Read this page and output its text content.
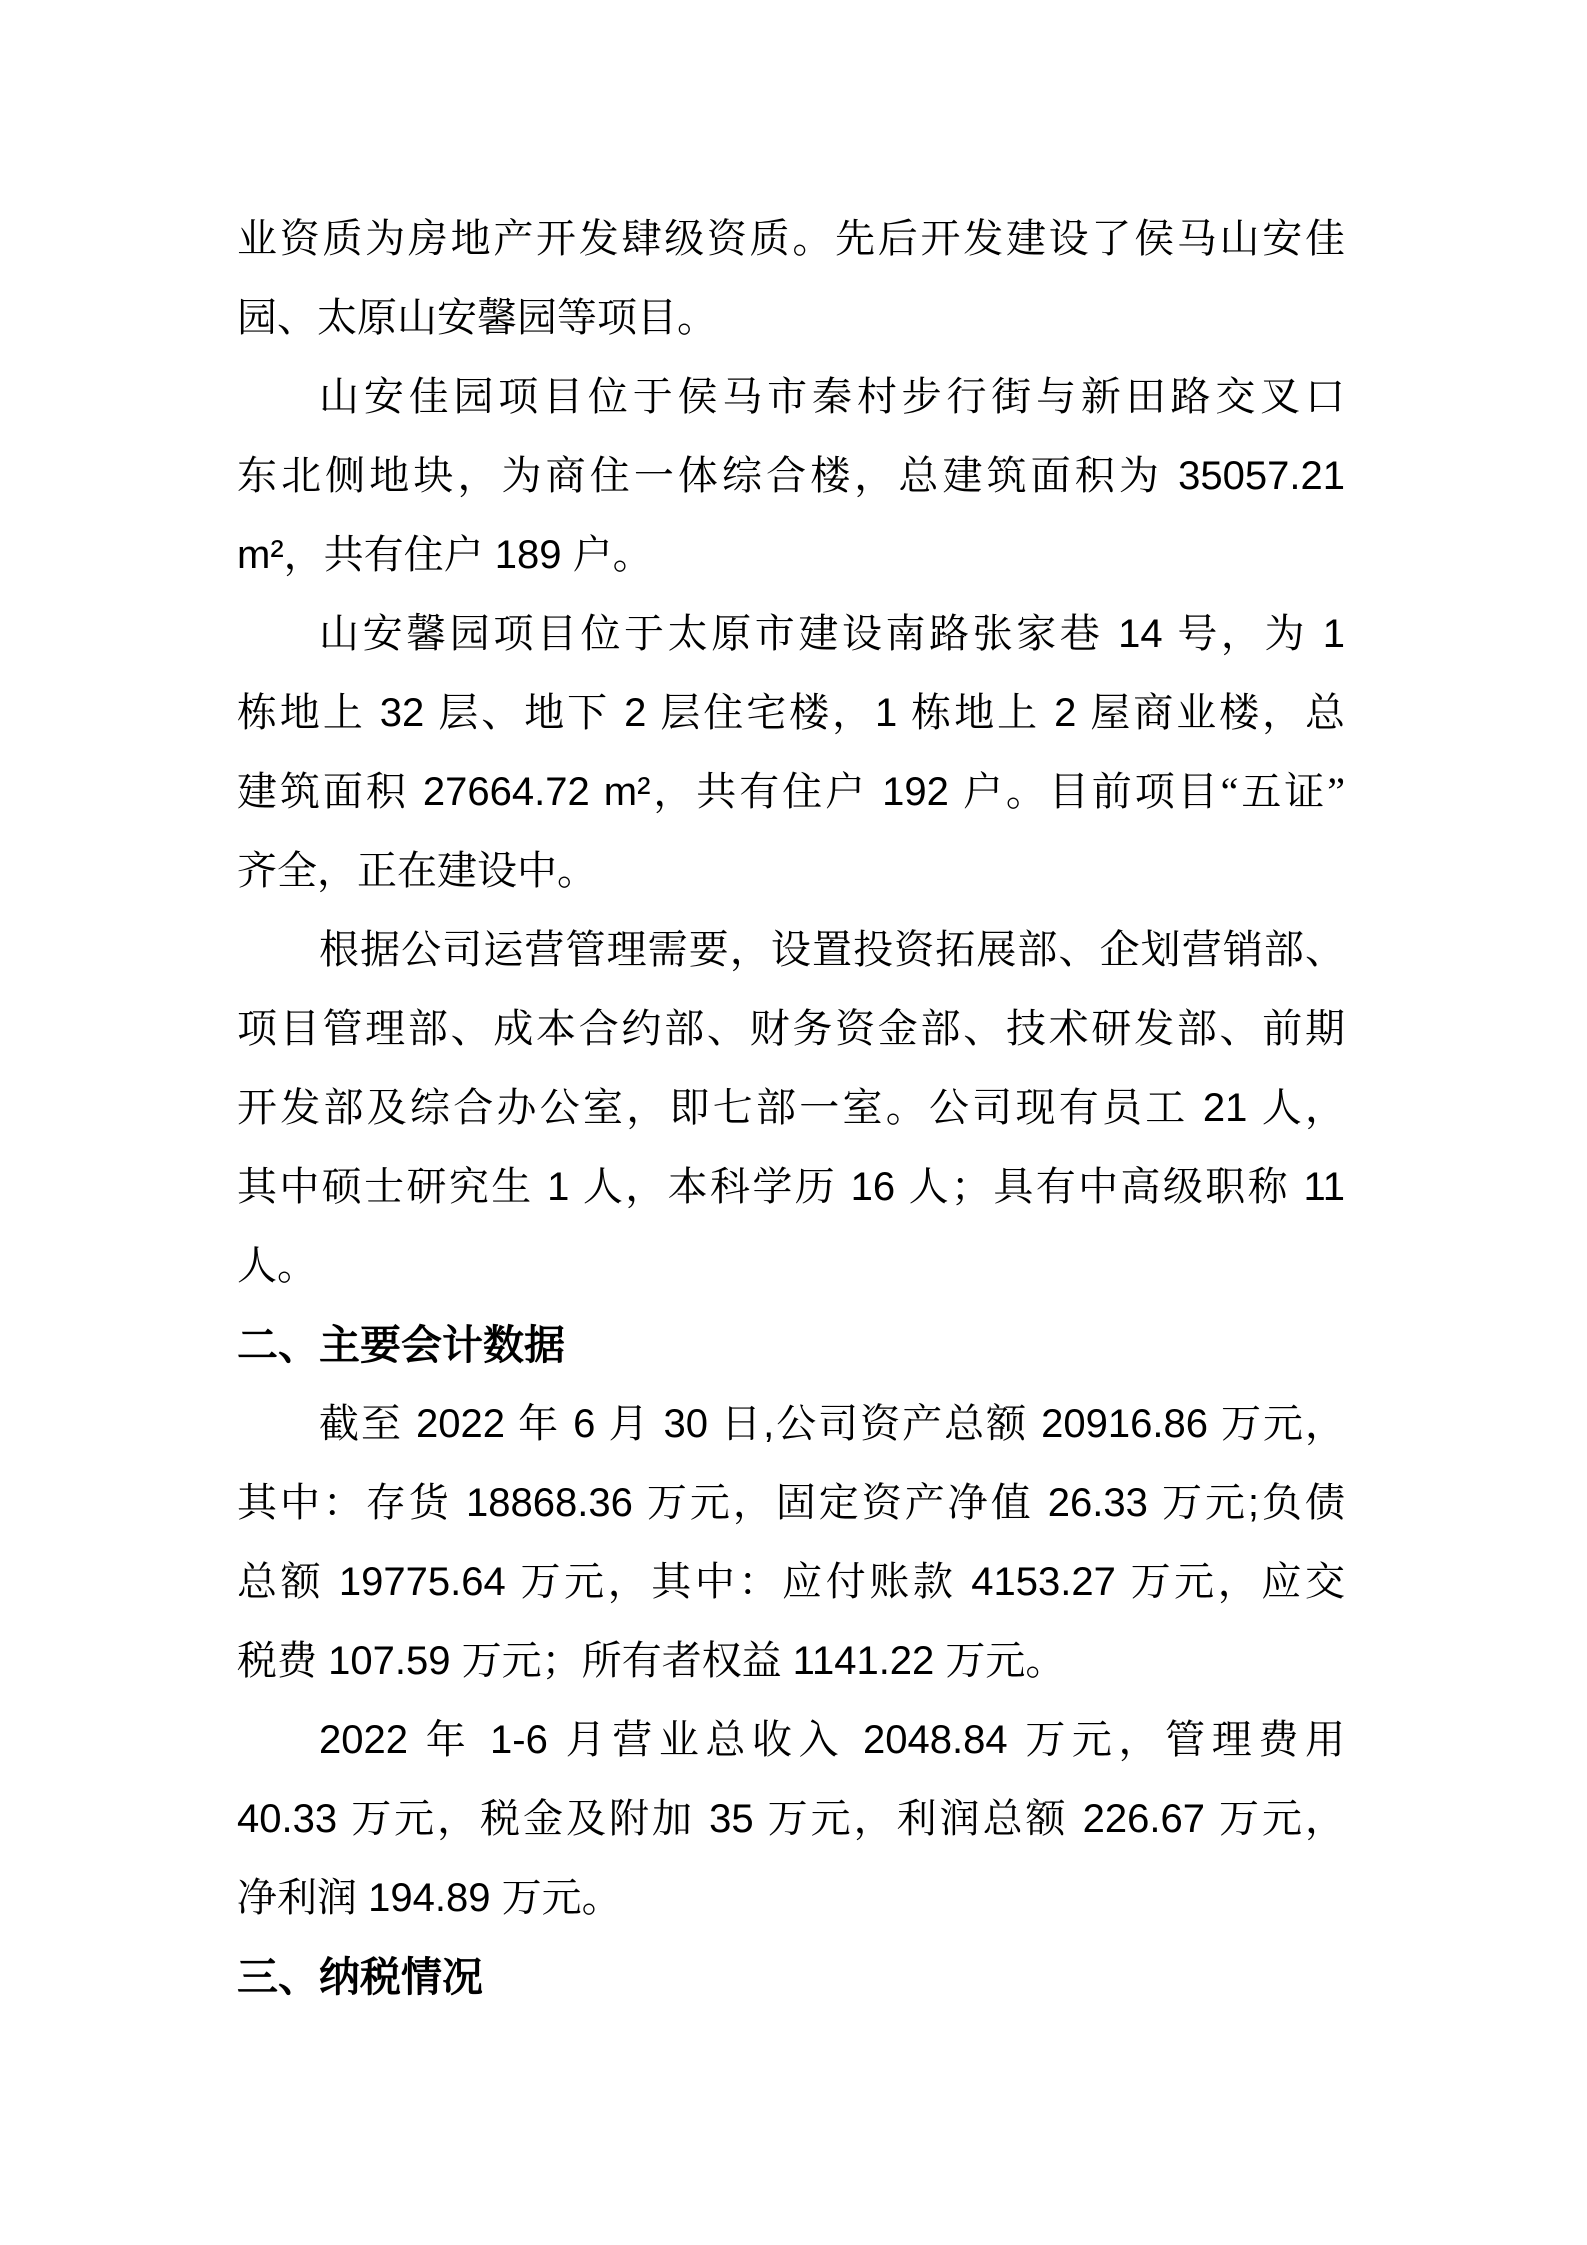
业资质为房地产开发肆级资质。先后开发建设了侯马山安佳
园、太原山安馨园等项目。
山安佳园项目位于侯马市秦村步行街与新田路交叉口
东北侧地块，为商住一体综合楼，总建筑面积为 35057.21
m²，共有住户 189 户。
山安馨园项目位于太原市建设南路张家巷 14 号，为 1
栋地上 32 层、地下 2 层住宅楼，1 栋地上 2 屋商业楼，总
建筑面积 27664.72 m²，共有住户 192 户。目前项目“五证”
齐全，正在建设中。
根据公司运营管理需要，设置投资拓展部、企划营销部、
项目管理部、成本合约部、财务资金部、技术研发部、前期
开发部及综合办公室，即七部一室。公司现有员工 21 人，
其中硕士研究生 1 人，本科学历 16 人；具有中高级职称 11
人。
二、主要会计数据
截至 2022 年 6 月 30 日,公司资产总额 20916.86 万元，
其中：存货 18868.36 万元，固定资产净值 26.33 万元;负债
总额 19775.64 万元，其中：应付账款 4153.27 万元，应交
税费 107.59 万元；所有者权益 1141.22 万元。
2022 年 1-6 月营业总收入 2048.84 万元，管理费用
40.33 万元，税金及附加 35 万元，利润总额 226.67 万元，
净利润 194.89 万元。
三、纳税情况
